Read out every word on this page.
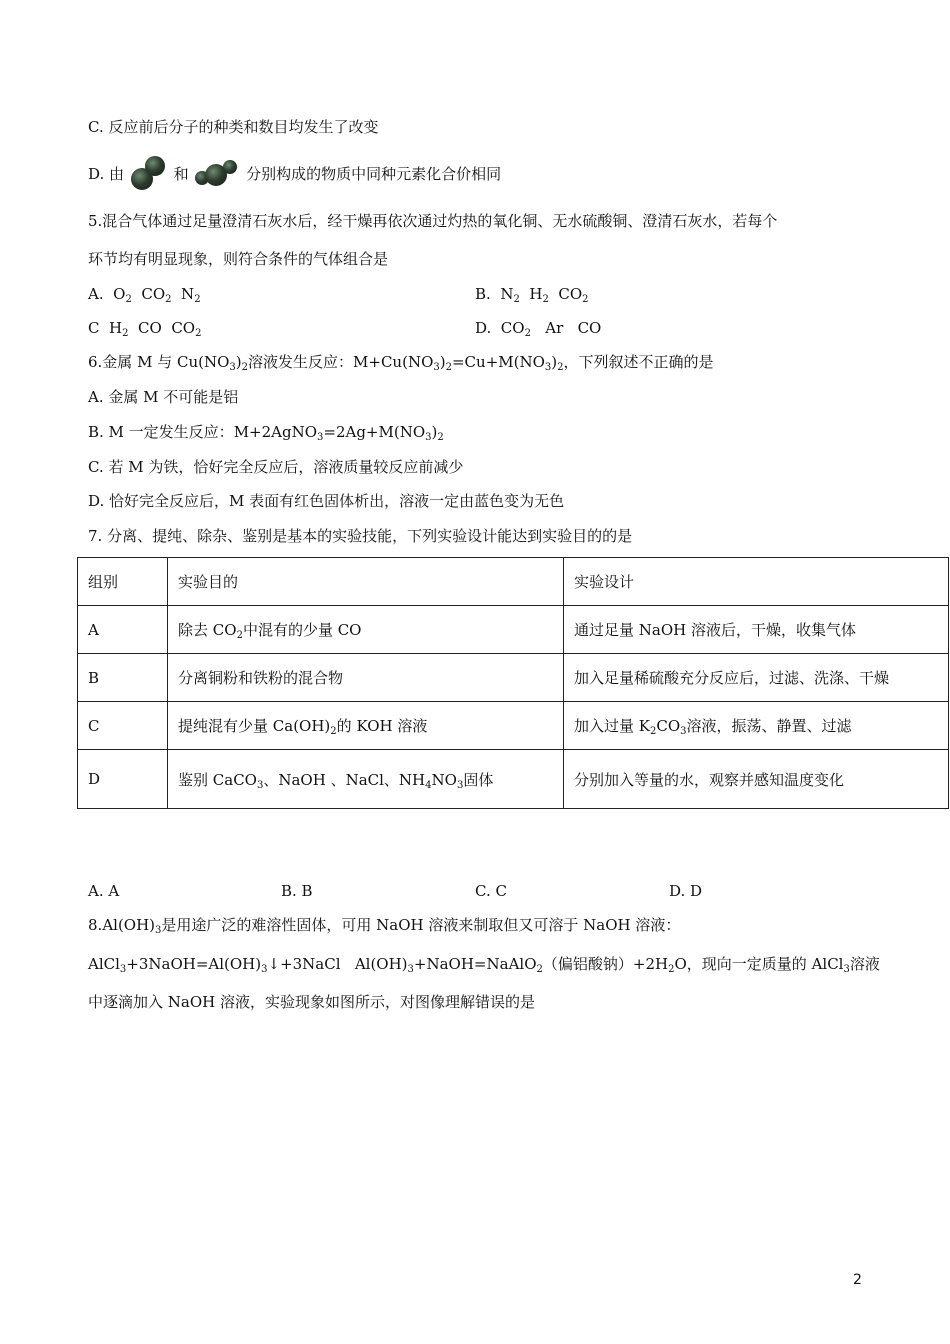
C. 反应前后分子的种类和数目均发生了改变
D. 由	和	分别构成的物质中同种元素化合价相同
5.混合气体通过足量澄清石灰水后，经干燥再依次通过灼热的氧化铜、无水硫酸铜、澄清石灰水，若每个
环节均有明显现象，则符合条件的气体组合是
A.  $O_2$  $CO_2$  $N_2$	B.  $N_2$  $H_2$  $CO_2$
C  $H_2$  CO  $CO_2$	D.  $CO_2$   Ar   CO
6.金属 M 与 $Cu(NO_3)_2$溶液发生反应：$M+Cu(NO_3)_2=Cu+M(NO_3)_2$，下列叙述不正确的是
A. 金属 M 不可能是铝
B. M 一定发生反应：$M+2AgNO_3=2Ag+M(NO_3)_2$
C. 若 M 为铁，恰好完全反应后，溶液质量较反应前减少
D. 恰好完全反应后，M 表面有红色固体析出，溶液一定由蓝色变为无色
7. 分离、提纯、除杂、鉴别是基本的实验技能，下列实验设计能达到实验目的的是
组别	实验目的	实验设计
A	除去 $CO_2$中混有的少量 CO	通过足量 NaOH 溶液后，干燥，收集气体
B	分离铜粉和铁粉的混合物	加入足量稀硫酸充分反应后，过滤、洗涤、干燥
C	提纯混有少量 $Ca(OH)_2$的 KOH 溶液	加入过量 $K_2CO_3$溶液，振荡、静置、过滤
D	鉴别 CaCO$_3$、NaOH 、NaCl、$NH_4NO_3$固体	分别加入等量的水，观察并感知温度变化
A. A	B. B	C. C	D. D
$8.Al(OH)_3$是用途广泛的难溶性固体，可用 NaOH 溶液来制取但又可溶于 NaOH 溶液：
$AlCl_3+3NaOH=Al(OH)_3↓+3NaCl$   $Al(OH)_3+NaOH=NaAlO_2$（偏铝酸钠）$+2H_2O$，现向一定质量的 AlCl$_3$溶液
中逐滴加入 NaOH 溶液，实验现象如图所示，对图像理解错误的是
2
